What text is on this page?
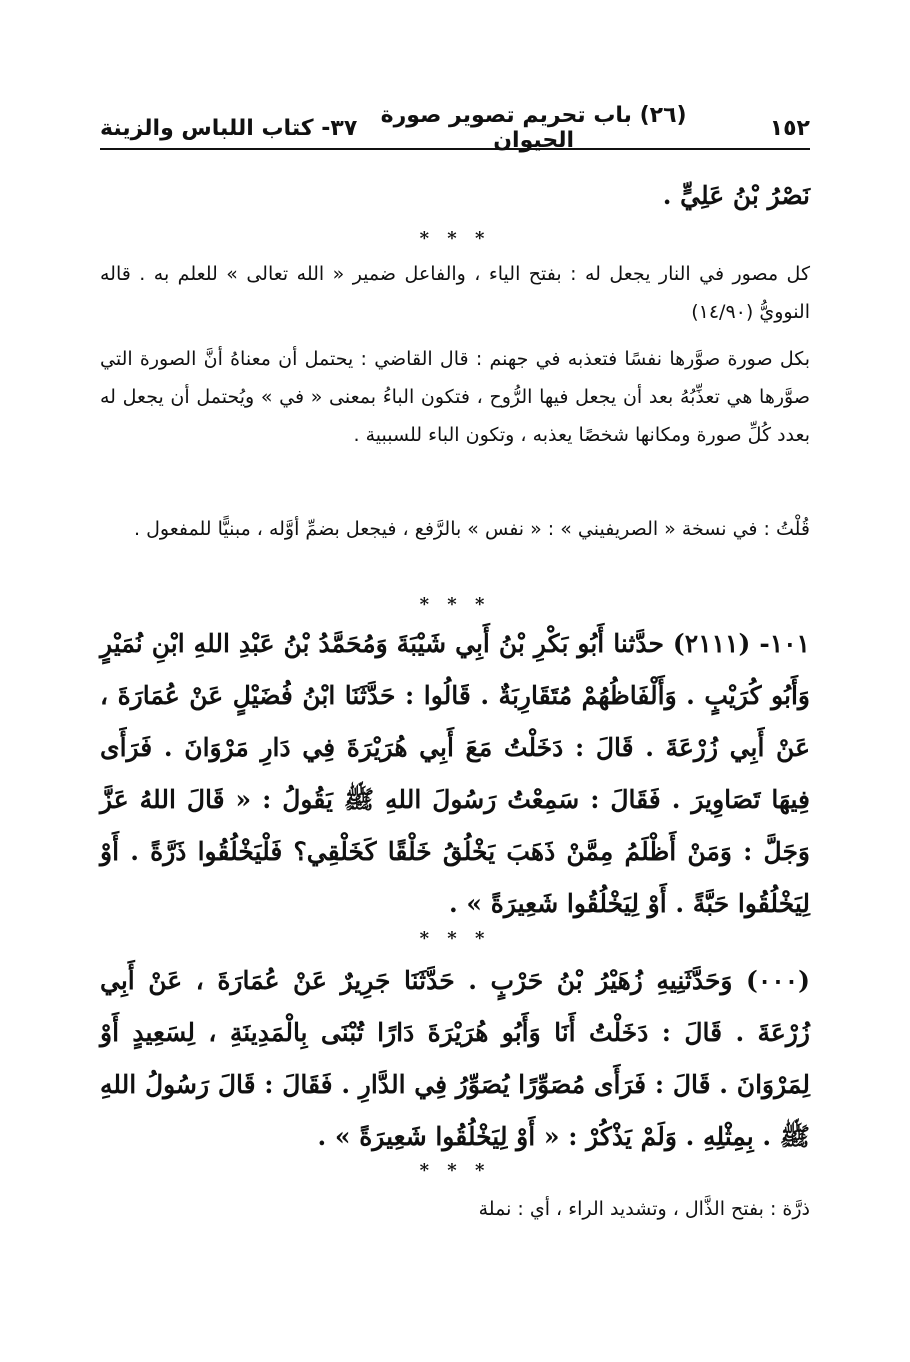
١٥٢
(٢٦) باب تحريم تصوير صورة الحيوان
٣٧- كتاب اللباس والزينة
نَصْرُ بْنُ عَلِيٍّ .
* * *
كل مصور في النار يجعل له : بفتح الياء ، والفاعل ضمير « الله تعالى » للعلم به . قاله النوويُّ (١٤/٩٠)
بكل صورة صوَّرها نفسًا فتعذبه في جهنم : قال القاضي : يحتمل أن معناهُ أنَّ الصورة التي صوَّرها هي تعذِّبُهُ بعد أن يجعل فيها الرُّوح ، فتكون الباءُ بمعنى « في » ويُحتمل أن يجعل له بعدد كُلِّ صورة ومكانها شخصًا يعذبه ، وتكون الباء للسببية .
قُلْتُ : في نسخة « الصريفيني » : « نفس » بالرَّفع ، فيجعل بضمِّ أوَّله ، مبنيًّا للمفعول .
* * *
١٠١- (٢١١١) حدَّثنا أَبُو بَكْرِ بْنُ أَبِي شَيْبَةَ وَمُحَمَّدُ بْنُ عَبْدِ اللهِ ابْنِ نُمَيْرٍ وَأَبُو كُرَيْبٍ . وَأَلْفَاظُهُمْ مُتَقَارِبَةٌ . قَالُوا : حَدَّثَنَا ابْنُ فُضَيْلٍ عَنْ عُمَارَةَ ، عَنْ أَبِي زُرْعَةَ . قَالَ : دَخَلْتُ مَعَ أَبِي هُرَيْرَةَ فِي دَارِ مَرْوَانَ . فَرَأَى فِيهَا تَصَاوِيرَ . فَقَالَ : سَمِعْتُ رَسُولَ اللهِ ﷺ يَقُولُ : « قَالَ اللهُ عَزَّ وَجَلَّ : وَمَنْ أَظْلَمُ مِمَّنْ ذَهَبَ يَخْلُقُ خَلْقًا كَخَلْقِي؟ فَلْيَخْلُقُوا ذَرَّةً . أَوْ لِيَخْلُقُوا حَبَّةً . أَوْ لِيَخْلُقُوا شَعِيرَةً » .
* * *
(٠٠٠) وَحَدَّثَنِيهِ زُهَيْرُ بْنُ حَرْبٍ . حَدَّثَنَا جَرِيرٌ عَنْ عُمَارَةَ ، عَنْ أَبِي زُرْعَةَ . قَالَ : دَخَلْتُ أَنَا وَأَبُو هُرَيْرَةَ دَارًا تُبْنَى بِالْمَدِينَةِ ، لِسَعِيدٍ أَوْ لِمَرْوَانَ . قَالَ : فَرَأَى مُصَوِّرًا يُصَوِّرُ فِي الدَّارِ . فَقَالَ : قَالَ رَسُولُ اللهِ ﷺ . بِمِثْلِهِ . وَلَمْ يَذْكُرْ : « أَوْ لِيَخْلُقُوا شَعِيرَةً » .
* * *
ذرَّة : بفتح الذَّال ، وتشديد الراء ، أي : نملة
